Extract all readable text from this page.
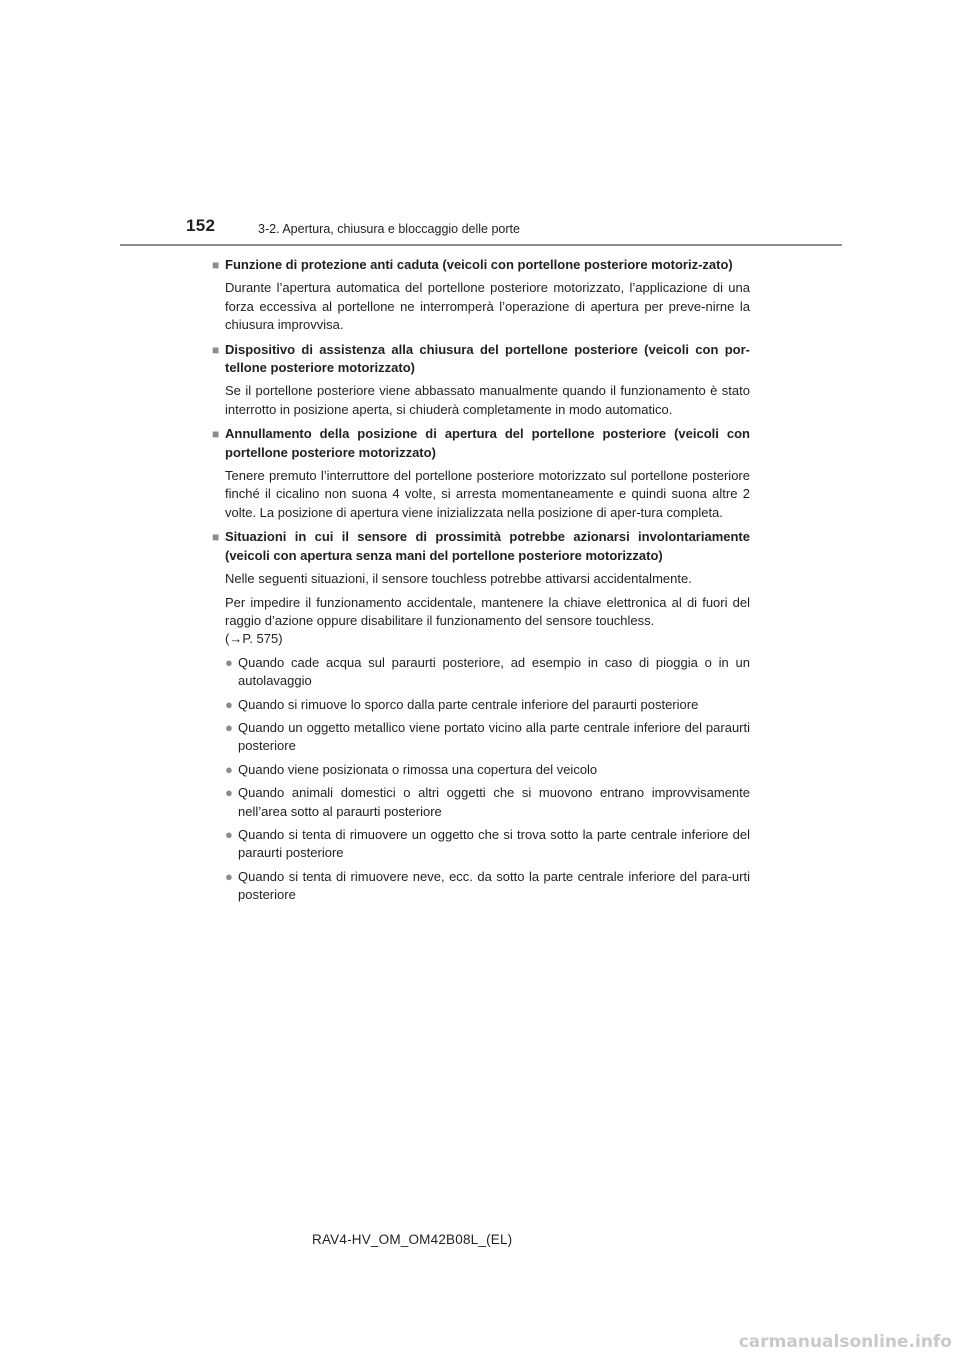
152	3-2. Apertura, chiusura e bloccaggio delle porte
■ Funzione di protezione anti caduta (veicoli con portellone posteriore motoriz-zato)
Durante l’apertura automatica del portellone posteriore motorizzato, l’applicazione di una forza eccessiva al portellone ne interromperà l’operazione di apertura per preve-nirne la chiusura improvvisa.
■ Dispositivo di assistenza alla chiusura del portellone posteriore (veicoli con por-tellone posteriore motorizzato)
Se il portellone posteriore viene abbassato manualmente quando il funzionamento è stato interrotto in posizione aperta, si chiuderà completamente in modo automatico.
■ Annullamento della posizione di apertura del portellone posteriore (veicoli con portellone posteriore motorizzato)
Tenere premuto l’interruttore del portellone posteriore motorizzato sul portellone posteriore finché il cicalino non suona 4 volte, si arresta momentaneamente e quindi suona altre 2 volte. La posizione di apertura viene inizializzata nella posizione di aper-tura completa.
■ Situazioni in cui il sensore di prossimità potrebbe azionarsi involontariamente (veicoli con apertura senza mani del portellone posteriore motorizzato)
Nelle seguenti situazioni, il sensore touchless potrebbe attivarsi accidentalmente.
Per impedire il funzionamento accidentale, mantenere la chiave elettronica al di fuori del raggio d’azione oppure disabilitare il funzionamento del sensore touchless.
(→P. 575)
● Quando cade acqua sul paraurti posteriore, ad esempio in caso di pioggia o in un autolavaggio
● Quando si rimuove lo sporco dalla parte centrale inferiore del paraurti posteriore
● Quando un oggetto metallico viene portato vicino alla parte centrale inferiore del paraurti posteriore
● Quando viene posizionata o rimossa una copertura del veicolo
● Quando animali domestici o altri oggetti che si muovono entrano improvvisamente nell’area sotto al paraurti posteriore
● Quando si tenta di rimuovere un oggetto che si trova sotto la parte centrale inferiore del paraurti posteriore
● Quando si tenta di rimuovere neve, ecc. da sotto la parte centrale inferiore del para-urti posteriore
RAV4-HV_OM_OM42B08L_(EL)
carmanualsonline.info
